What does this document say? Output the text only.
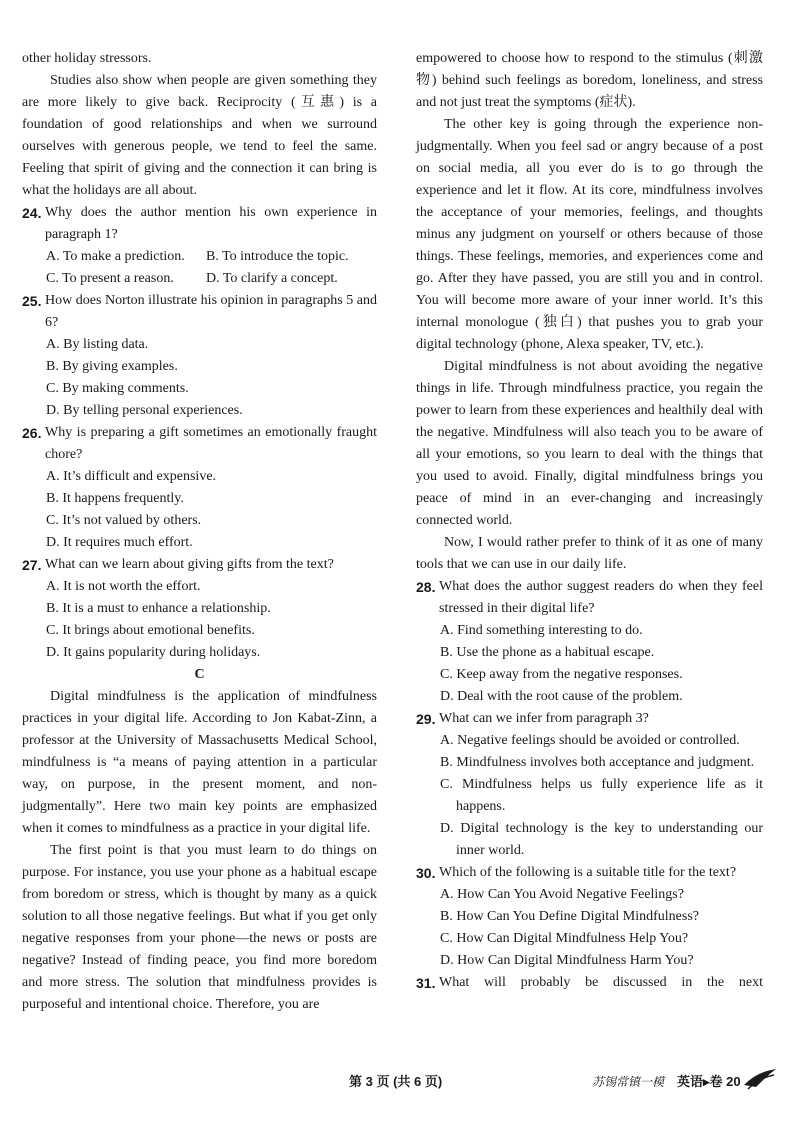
other holiday stressors.

Studies also show when people are given something they are more likely to give back. Reciprocity (互惠) is a foundation of good relationships and when we surround ourselves with generous people, we tend to feel the same. Feeling that spirit of giving and the connection it can bring is what the holidays are all about.

24. Why does the author mention his own experience in paragraph 1?
A. To make a prediction.	B. To introduce the topic.
C. To present a reason.	D. To clarify a concept.
25. How does Norton illustrate his opinion in paragraphs 5 and 6?
A. By listing data.
B. By giving examples.
C. By making comments.
D. By telling personal experiences.
26. Why is preparing a gift sometimes an emotionally fraught chore?
A. It’s difficult and expensive.
B. It happens frequently.
C. It’s not valued by others.
D. It requires much effort.
27. What can we learn about giving gifts from the text?
A. It is not worth the effort.
B. It is a must to enhance a relationship.
C. It brings about emotional benefits.
D. It gains popularity during holidays.
C

Digital mindfulness is the application of mindfulness practices in your digital life. According to Jon Kabat-Zinn, a professor at the University of Massachusetts Medical School, mindfulness is “a means of paying attention in a particular way, on purpose, in the present moment, and non-judgmentally”. Here two main key points are emphasized when it comes to mindfulness as a practice in your digital life.

The first point is that you must learn to do things on purpose. For instance, you use your phone as a habitual escape from boredom or stress, which is thought by many as a quick solution to all those negative feelings. But what if you get only negative responses from your phone—the news or posts are negative? Instead of finding peace, you find more boredom and more stress. The solution that mindfulness provides is purposeful and intentional choice. Therefore, you are

empowered to choose how to respond to the stimulus (刺激物) behind such feelings as boredom, loneliness, and stress and not just treat the symptoms (症状).

The other key is going through the experience non-judgmentally. When you feel sad or angry because of a post on social media, all you ever do is to go through the experience and let it flow. At its core, mindfulness involves the acceptance of your memories, feelings, and thoughts minus any judgment on yourself or others because of those things. These feelings, memories, and experiences come and go. After they have passed, you are still you and in control. You will become more aware of your inner world. It’s this internal monologue (独白) that pushes you to grab your digital technology (phone, Alexa speaker, TV, etc.).

Digital mindfulness is not about avoiding the negative things in life. Through mindfulness practice, you regain the power to learn from these experiences and healthily deal with the negative. Mindfulness will also teach you to be aware of all your emotions, so you learn to deal with the things that you used to avoid. Finally, digital mindfulness brings you peace of mind in an ever-changing and increasingly connected world.

Now, I would rather prefer to think of it as one of many tools that we can use in our daily life.

28. What does the author suggest readers do when they feel stressed in their digital life?
A. Find something interesting to do.
B. Use the phone as a habitual escape.
C. Keep away from the negative responses.
D. Deal with the root cause of the problem.
29. What can we infer from paragraph 3?
A. Negative feelings should be avoided or controlled.
B. Mindfulness involves both acceptance and judgment.
C. Mindfulness helps us fully experience life as it happens.
D. Digital technology is the key to understanding our inner world.
30. Which of the following is a suitable title for the text?
A. How Can You Avoid Negative Feelings?
B. How Can You Define Digital Mindfulness?
C. How Can Digital Mindfulness Help You?
D. How Can Digital Mindfulness Harm You?
31. What will probably be discussed in the next
第 3 页 (共 6 页)	苏锡常镇一模 英语▸卷 20
